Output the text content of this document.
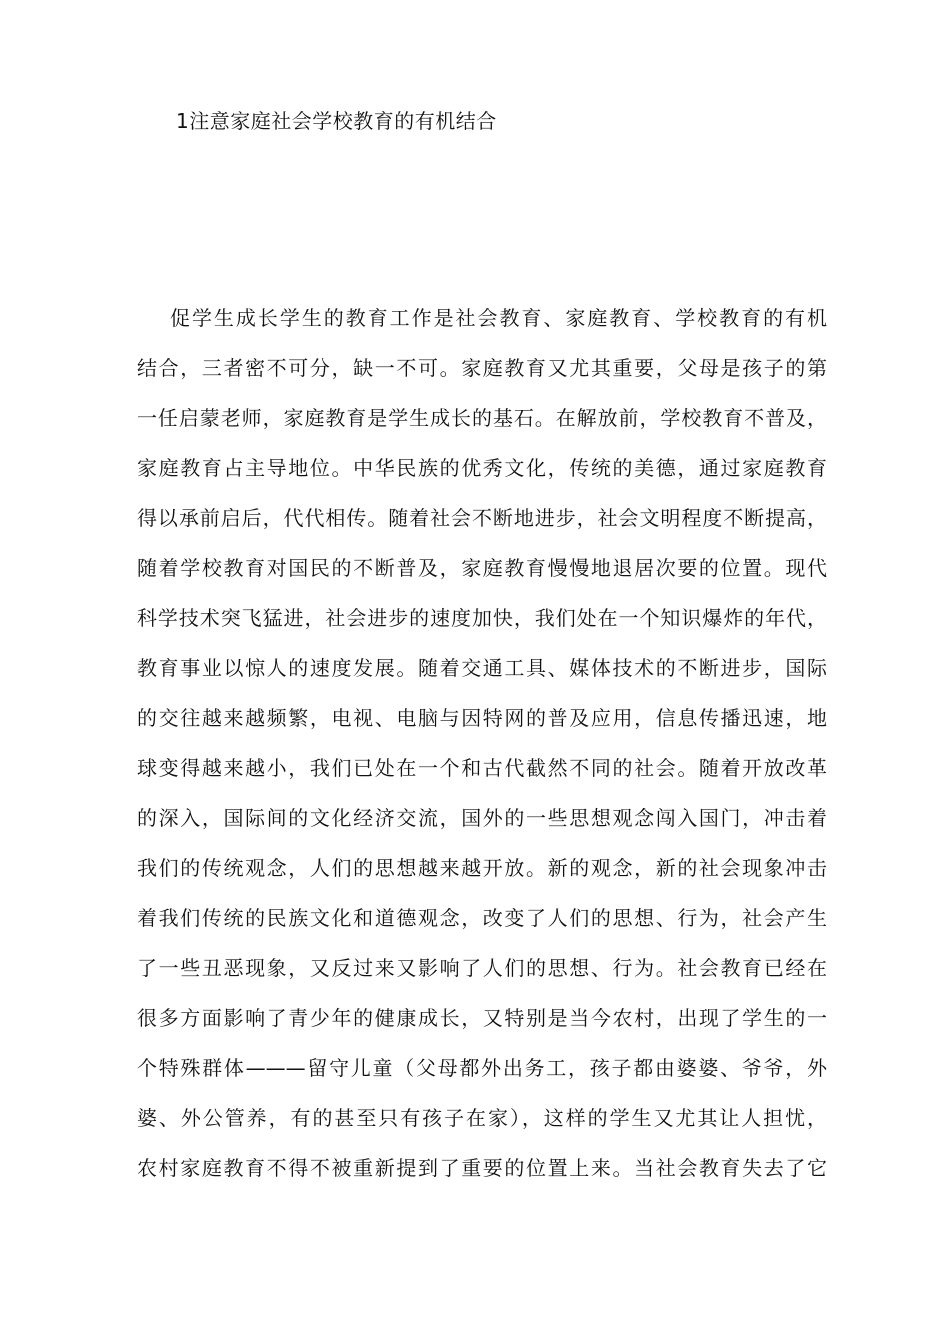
1注意家庭社会学校教育的有机结合
促学生成长学生的教育工作是社会教育、家庭教育、学校教育的有机
结合，三者密不可分，缺一不可。家庭教育又尤其重要，父母是孩子的第
一任启蒙老师，家庭教育是学生成长的基石。在解放前，学校教育不普及，
家庭教育占主导地位。中华民族的优秀文化，传统的美德，通过家庭教育
得以承前启后，代代相传。随着社会不断地进步，社会文明程度不断提高，
随着学校教育对国民的不断普及，家庭教育慢慢地退居次要的位置。现代
科学技术突飞猛进，社会进步的速度加快，我们处在一个知识爆炸的年代，
教育事业以惊人的速度发展。随着交通工具、媒体技术的不断进步，国际
的交往越来越频繁，电视、电脑与因特网的普及应用，信息传播迅速，地
球变得越来越小，我们已处在一个和古代截然不同的社会。随着开放改革
的深入，国际间的文化经济交流，国外的一些思想观念闯入国门，冲击着
我们的传统观念，人们的思想越来越开放。新的观念，新的社会现象冲击
着我们传统的民族文化和道德观念，改变了人们的思想、行为，社会产生
了一些丑恶现象，又反过来又影响了人们的思想、行为。社会教育已经在
很多方面影响了青少年的健康成长，又特别是当今农村，出现了学生的一
个特殊群体———留守儿童（父母都外出务工，孩子都由婆婆、爷爷，外
婆、外公管养，有的甚至只有孩子在家），这样的学生又尤其让人担忧，
农村家庭教育不得不被重新提到了重要的位置上来。当社会教育失去了它
